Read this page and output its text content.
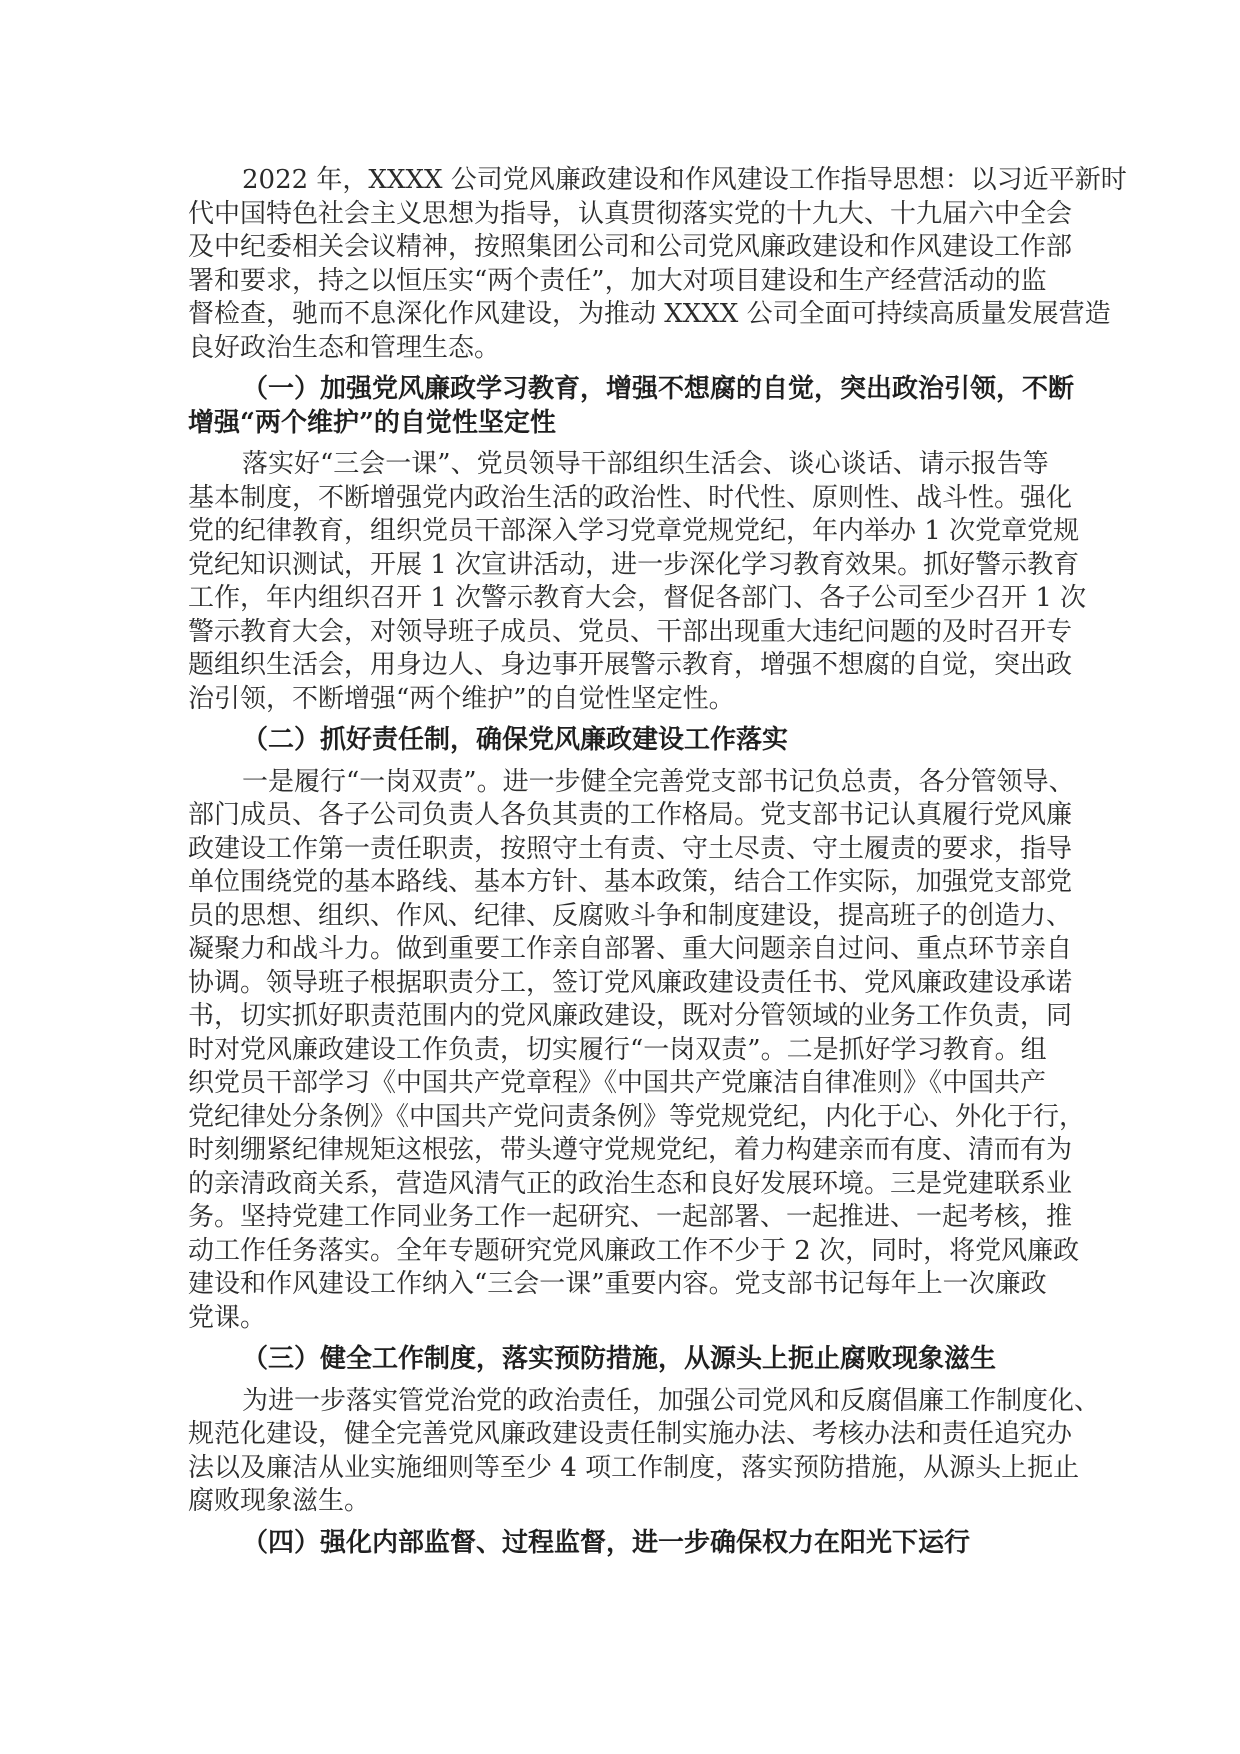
2022 年，XXXX 公司党风廉政建设和作风建设工作指导思想：以习近平新时
代中国特色社会主义思想为指导，认真贯彻落实党的十九大、十九届六中全会
及中纪委相关会议精神，按照集团公司和公司党风廉政建设和作风建设工作部
署和要求，持之以恒压实“两个责任”，加大对项目建设和生产经营活动的监
督检查，驰而不息深化作风建设，为推动 XXXX 公司全面可持续高质量发展营造
良好政治生态和管理生态。
（一）加强党风廉政学习教育，增强不想腐的自觉，突出政治引领，不断
增强“两个维护”的自觉性坚定性
落实好“三会一课”、党员领导干部组织生活会、谈心谈话、请示报告等
基本制度，不断增强党内政治生活的政治性、时代性、原则性、战斗性。强化
党的纪律教育，组织党员干部深入学习党章党规党纪，年内举办 1 次党章党规
党纪知识测试，开展 1 次宣讲活动，进一步深化学习教育效果。抓好警示教育
工作，年内组织召开 1 次警示教育大会，督促各部门、各子公司至少召开 1 次
警示教育大会，对领导班子成员、党员、干部出现重大违纪问题的及时召开专
题组织生活会，用身边人、身边事开展警示教育，增强不想腐的自觉，突出政
治引领，不断增强“两个维护”的自觉性坚定性。
（二）抓好责任制，确保党风廉政建设工作落实
一是履行“一岗双责”。进一步健全完善党支部书记负总责，各分管领导、
部门成员、各子公司负责人各负其责的工作格局。党支部书记认真履行党风廉
政建设工作第一责任职责，按照守土有责、守土尽责、守土履责的要求，指导
单位围绕党的基本路线、基本方针、基本政策，结合工作实际，加强党支部党
员的思想、组织、作风、纪律、反腐败斗争和制度建设，提高班子的创造力、
凝聚力和战斗力。做到重要工作亲自部署、重大问题亲自过问、重点环节亲自
协调。领导班子根据职责分工，签订党风廉政建设责任书、党风廉政建设承诺
书，切实抓好职责范围内的党风廉政建设，既对分管领域的业务工作负责，同
时对党风廉政建设工作负责，切实履行“一岗双责”。二是抓好学习教育。组
织党员干部学习《中国共产党章程》《中国共产党廉洁自律准则》《中国共产
党纪律处分条例》《中国共产党问责条例》等党规党纪，内化于心、外化于行，
时刻绷紧纪律规矩这根弦，带头遵守党规党纪，着力构建亲而有度、清而有为
的亲清政商关系，营造风清气正的政治生态和良好发展环境。三是党建联系业
务。坚持党建工作同业务工作一起研究、一起部署、一起推进、一起考核，推
动工作任务落实。全年专题研究党风廉政工作不少于 2 次，同时，将党风廉政
建设和作风建设工作纳入“三会一课”重要内容。党支部书记每年上一次廉政
党课。
（三）健全工作制度，落实预防措施，从源头上扼止腐败现象滋生
为进一步落实管党治党的政治责任，加强公司党风和反腐倡廉工作制度化、
规范化建设，健全完善党风廉政建设责任制实施办法、考核办法和责任追究办
法以及廉洁从业实施细则等至少 4 项工作制度，落实预防措施，从源头上扼止
腐败现象滋生。
（四）强化内部监督、过程监督，进一步确保权力在阳光下运行
